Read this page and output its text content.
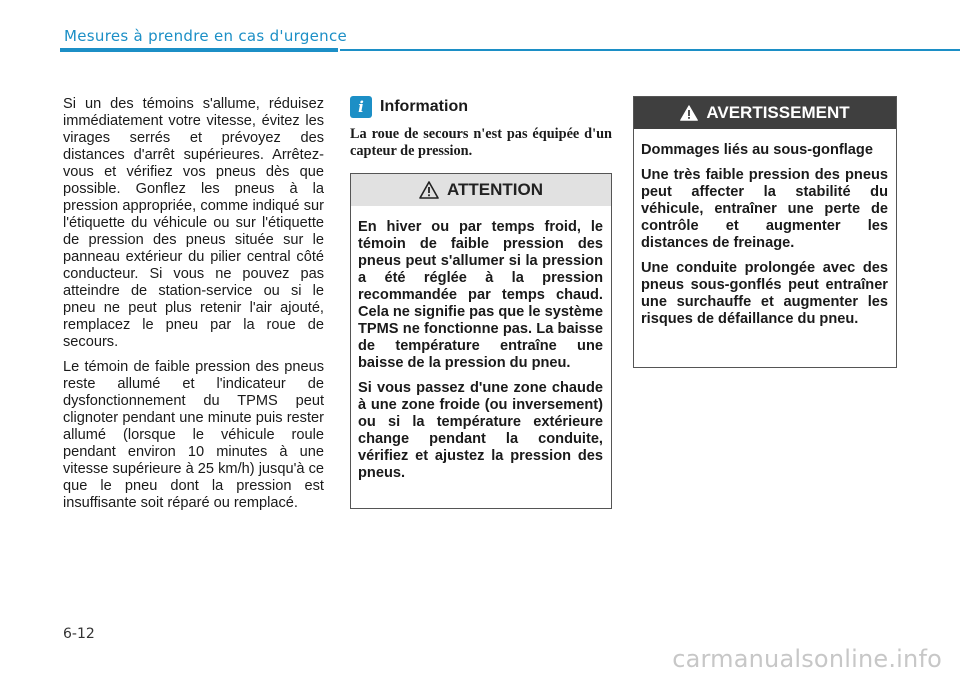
Mesures à prendre en cas d'urgence

Si un des témoins s'allume, réduisez immédiatement votre vitesse, évitez les virages serrés et prévoyez des distances d'arrêt supérieures. Arrêtez-vous et vérifiez vos pneus dès que possible. Gonflez les pneus à la pression appropriée, comme indiqué sur l'étiquette du véhicule ou sur l'étiquette de pression des pneus située sur le panneau extérieur du pilier central côté conducteur. Si vous ne pouvez pas atteindre de station-service ou si le pneu ne peut plus retenir l'air ajouté, remplacez le pneu par la roue de secours.

Le témoin de faible pression des pneus reste allumé et l'indicateur de dysfonctionnement du TPMS peut clignoter pendant une minute puis rester allumé (lorsque le véhicule roule pendant environ 10 minutes à une vitesse supérieure à 25 km/h) jusqu'à ce que le pneu dont la pression est insuffisante soit réparé ou remplacé.

i	Information
La roue de secours n'est pas équipée d'un capteur de pression.
ATTENTION

En hiver ou par temps froid, le témoin de faible pression des pneus peut s'allumer si la pression a été réglée à la pression recommandée par temps chaud. Cela ne signifie pas que le système TPMS ne fonctionne pas. La baisse de température entraîne une baisse de la pression du pneu.

Si vous passez d'une zone chaude à une zone froide (ou inversement) ou si la température extérieure change pendant la conduite, vérifiez et ajustez la pression des pneus.

AVERTISSEMENT

Dommages liés au sous-gonflage

Une très faible pression des pneus peut affecter la stabilité du véhicule, entraîner une perte de contrôle et augmenter les distances de freinage.

Une conduite prolongée avec des pneus sous-gonflés peut entraîner une surchauffe et augmenter les risques de défaillance du pneu.

6-12
carmanualsonline.info
